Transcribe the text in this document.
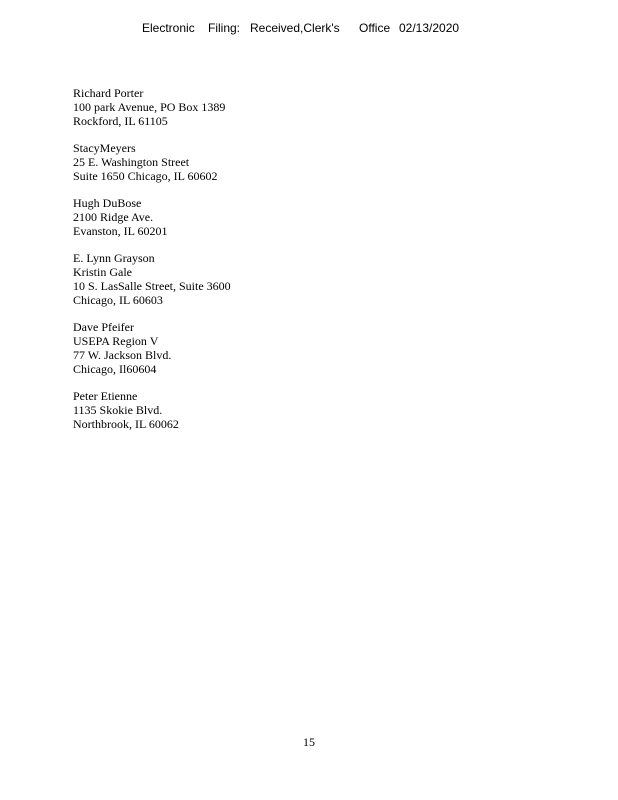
Electronic Filing: Received,Clerk's Office 02/13/2020
Richard Porter
100 park Avenue, PO Box 1389
Rockford, IL 61105
StacyMeyers
25 E. Washington Street
Suite 1650 Chicago, IL 60602
Hugh DuBose
2100 Ridge Ave.
Evanston, IL 60201
E. Lynn Grayson
Kristin Gale
10 S. LasSalle Street, Suite 3600
Chicago, IL 60603
Dave Pfeifer
USEPA Region V
77 W. Jackson Blvd.
Chicago, Il60604
Peter Etienne
1135 Skokie Blvd.
Northbrook, IL 60062
15
